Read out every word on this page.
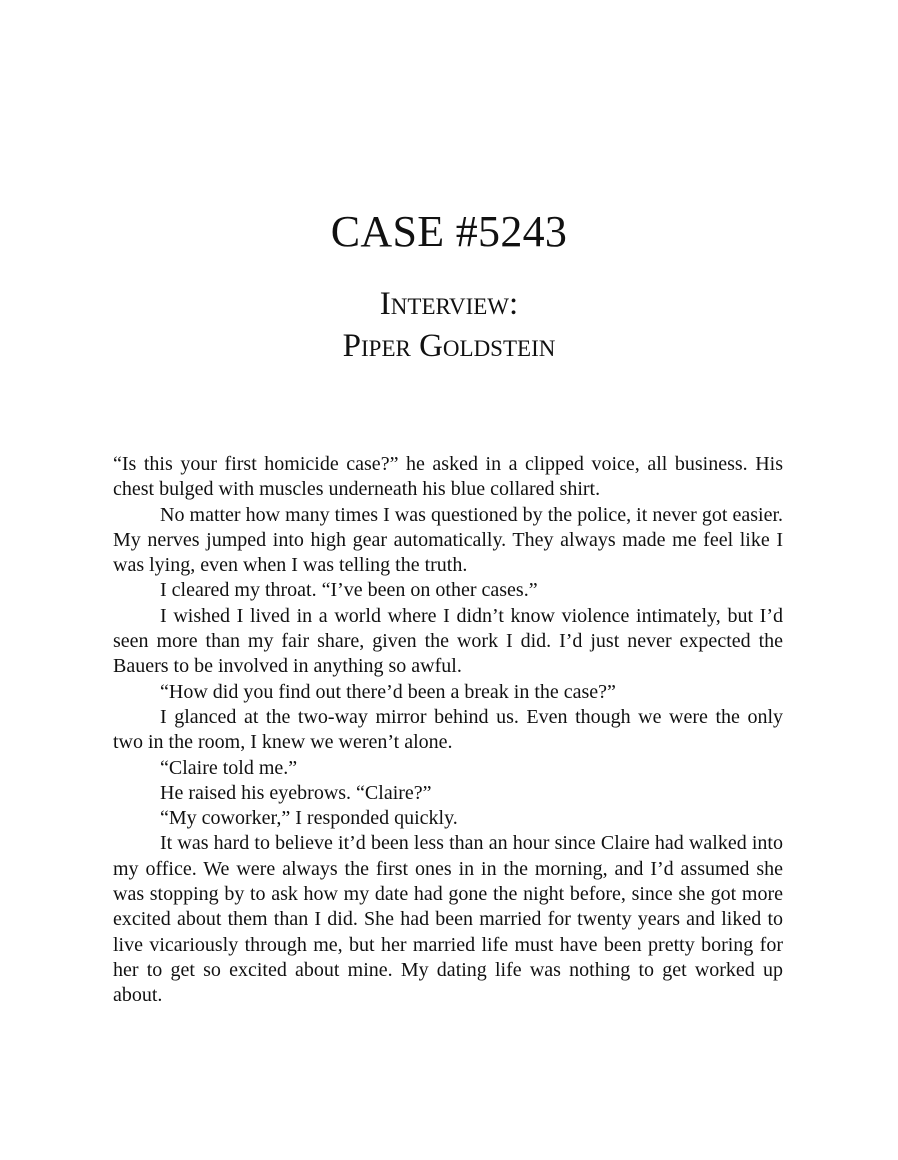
CASE #5243
Interview:
Piper Goldstein

“Is this your first homicide case?” he asked in a clipped voice, all business. His chest bulged with muscles underneath his blue collared shirt.

No matter how many times I was questioned by the police, it never got easier. My nerves jumped into high gear automatically. They always made me feel like I was lying, even when I was telling the truth.

I cleared my throat. “I’ve been on other cases.”

I wished I lived in a world where I didn’t know violence intimately, but I’d seen more than my fair share, given the work I did. I’d just never expected the Bauers to be involved in anything so awful.

“How did you find out there’d been a break in the case?”

I glanced at the two-way mirror behind us. Even though we were the only two in the room, I knew we weren’t alone.

“Claire told me.”

He raised his eyebrows. “Claire?”

“My coworker,” I responded quickly.

It was hard to believe it’d been less than an hour since Claire had walked into my office. We were always the first ones in in the morning, and I’d assumed she was stopping by to ask how my date had gone the night before, since she got more excited about them than I did. She had been married for twenty years and liked to live vicariously through me, but her married life must have been pretty boring for her to get so excited about mine. My dating life was nothing to get worked up about.
